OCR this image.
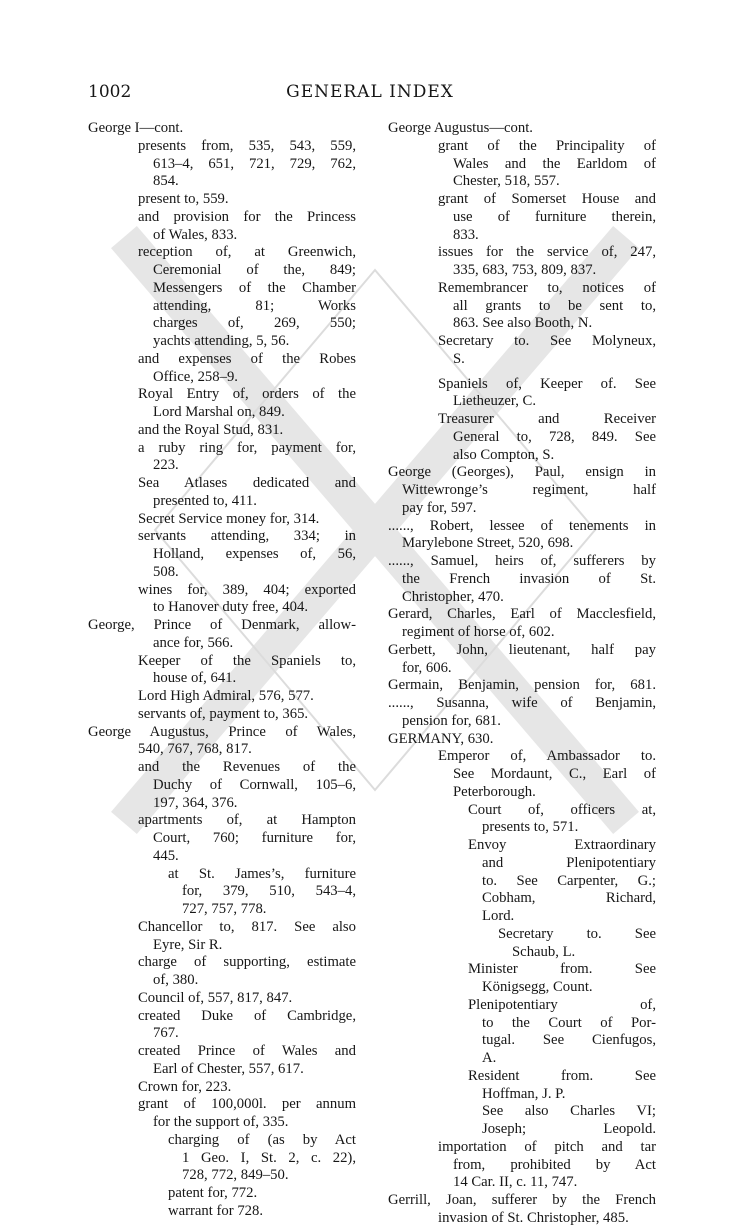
1002	GENERAL INDEX
George I—cont.
presents from, 535, 543, 559,
613–4, 651, 721, 729, 762,
854.
present to, 559.
and provision for the Princess
of Wales, 833.
reception of, at Greenwich,
Ceremonial of the, 849;
Messengers of the Chamber
attending, 81; Works
charges of, 269, 550;
yachts attending, 5, 56.
and expenses of the Robes
Office, 258–9.
Royal Entry of, orders of the
Lord Marshal on, 849.
and the Royal Stud, 831.
a ruby ring for, payment for,
223.
Sea Atlases dedicated and
presented to, 411.
Secret Service money for, 314.
servants attending, 334; in
Holland, expenses of, 56,
508.
wines for, 389, 404; exported
to Hanover duty free, 404.
George, Prince of Denmark, allow-
ance for, 566.
Keeper of the Spaniels to,
house of, 641.
Lord High Admiral, 576, 577.
servants of, payment to, 365.
George Augustus, Prince of Wales,
540, 767, 768, 817.
and the Revenues of the
Duchy of Cornwall, 105–6,
197, 364, 376.
apartments of, at Hampton
Court, 760; furniture for,
445.
at St. James’s, furniture
for, 379, 510, 543–4,
727, 757, 778.
Chancellor to, 817. See also
Eyre, Sir R.
charge of supporting, estimate
of, 380.
Council of, 557, 817, 847.
created Duke of Cambridge,
767.
created Prince of Wales and
Earl of Chester, 557, 617.
Crown for, 223.
grant of 100,000l. per annum
for the support of, 335.
charging of (as by Act
1 Geo. I, St. 2, c. 22),
728, 772, 849–50.
patent for, 772.
warrant for 728.
George Augustus—cont.
grant of the Principality of
Wales and the Earldom of
Chester, 518, 557.
grant of Somerset House and
use of furniture therein,
833.
issues for the service of, 247,
335, 683, 753, 809, 837.
Remembrancer to, notices of
all grants to be sent to,
863. See also Booth, N.
Secretary to. See Molyneux,
S.
Spaniels of, Keeper of. See
Lietheuzer, C.
Treasurer and Receiver
General to, 728, 849. See
also Compton, S.
George (Georges), Paul, ensign in
Wittewronge’s regiment, half
pay for, 597.
......, Robert, lessee of tenements in
Marylebone Street, 520, 698.
......, Samuel, heirs of, sufferers by
the French invasion of St.
Christopher, 470.
Gerard, Charles, Earl of Macclesfield,
regiment of horse of, 602.
Gerbett, John, lieutenant, half pay
for, 606.
Germain, Benjamin, pension for, 681.
......, Susanna, wife of Benjamin,
pension for, 681.
GERMANY, 630.
Emperor of, Ambassador to.
See Mordaunt, C., Earl of
Peterborough.
Court of, officers at,
presents to, 571.
Envoy Extraordinary
and Plenipotentiary
to. See Carpenter, G.;
Cobham, Richard,
Lord.
Secretary to. See
Schaub, L.
Minister from. See
Königsegg, Count.
Plenipotentiary of,
to the Court of Por-
tugal. See Cienfugos,
A.
Resident from. See
Hoffman, J. P.
See also Charles VI;
Joseph; Leopold.
importation of pitch and tar
from, prohibited by Act
14 Car. II, c. 11, 747.
Gerrill, Joan, sufferer by the French
invasion of St. Christopher, 485.
